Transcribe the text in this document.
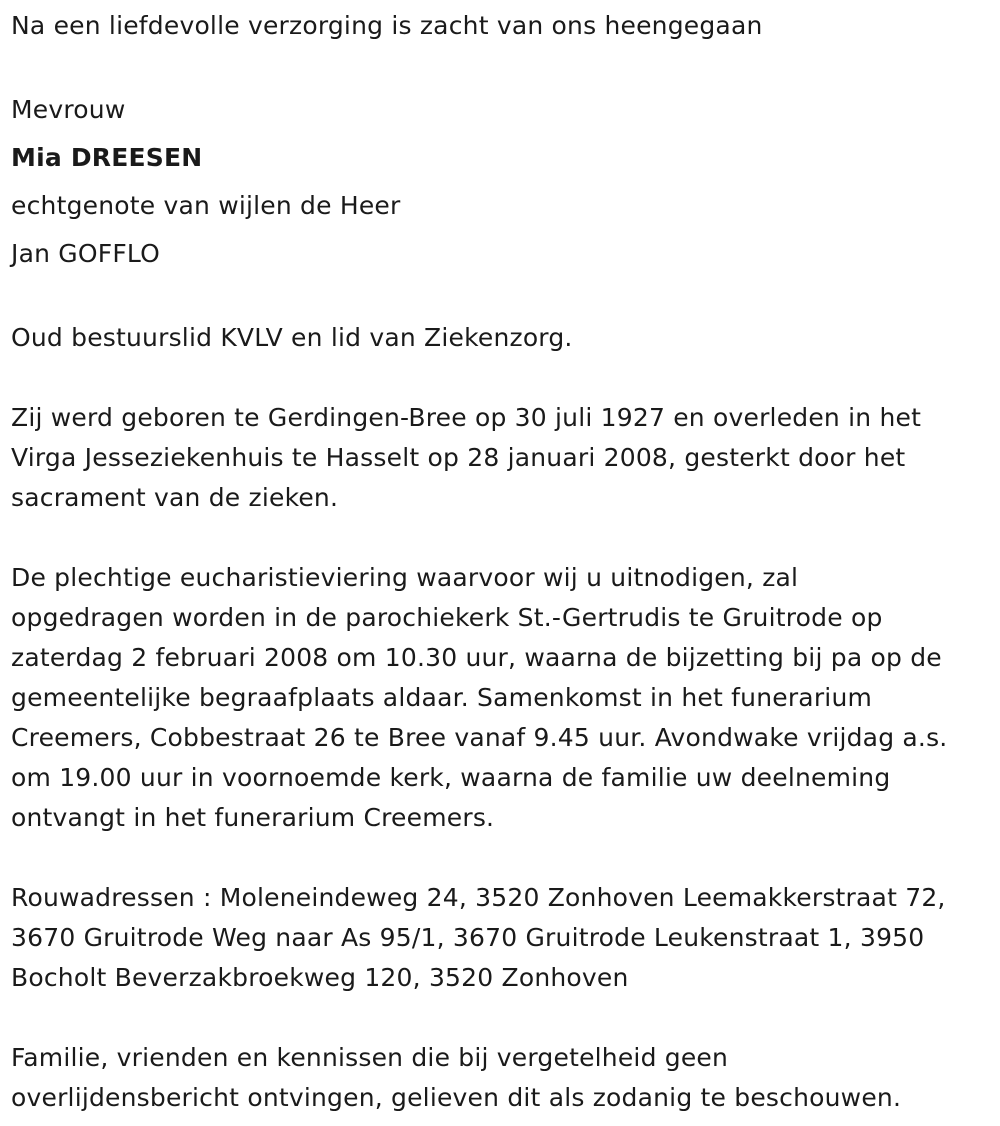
Na een liefdevolle verzorging is zacht van ons heengegaan
Mevrouw
Mia DREESEN
echtgenote van wijlen de Heer
Jan GOFFLO
Oud bestuurslid KVLV en lid van Ziekenzorg.
Zij werd geboren te Gerdingen-Bree op 30 juli 1927 en overleden in het
Virga Jesseziekenhuis te Hasselt op 28 januari 2008, gesterkt door het
sacrament van de zieken.
De plechtige eucharistieviering waarvoor wij u uitnodigen, zal
opgedragen worden in de parochiekerk St.-Gertrudis te Gruitrode op
zaterdag 2 februari 2008 om 10.30 uur, waarna de bijzetting bij pa op de
gemeentelijke begraafplaats aldaar. Samenkomst in het funerarium
Creemers, Cobbestraat 26 te Bree vanaf 9.45 uur. Avondwake vrijdag a.s.
om 19.00 uur in voornoemde kerk, waarna de familie uw deelneming
ontvangt in het funerarium Creemers.
Rouwadressen : Moleneindeweg 24, 3520 Zonhoven Leemakkerstraat 72,
3670 Gruitrode Weg naar As 95/1, 3670 Gruitrode Leukenstraat 1, 3950
Bocholt Beverzakbroekweg 120, 3520 Zonhoven
Familie, vrienden en kennissen die bij vergetelheid geen
overlijdensbericht ontvingen, gelieven dit als zodanig te beschouwen.
